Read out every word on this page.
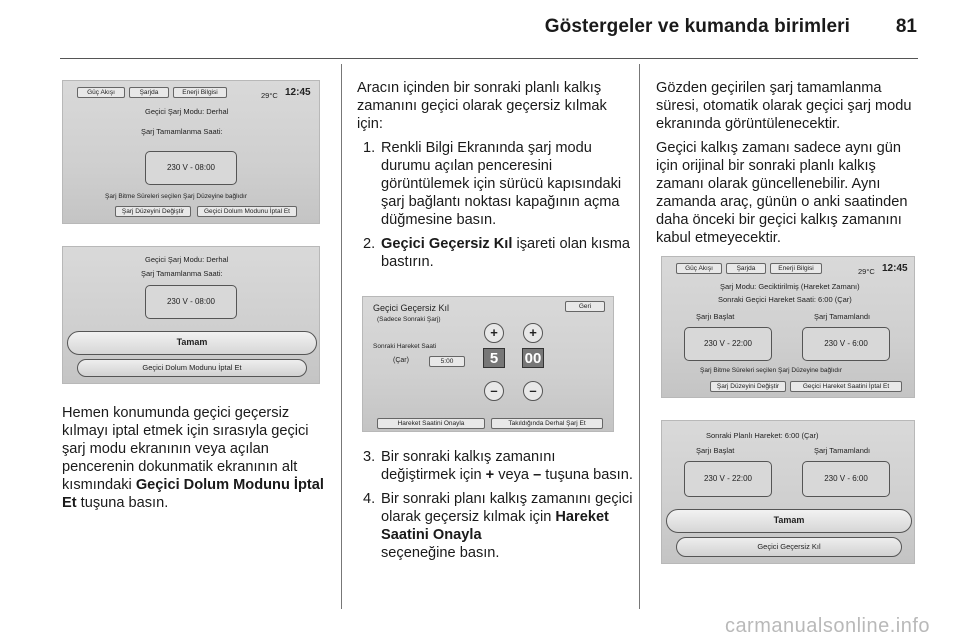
Göstergeler ve kumanda birimleri 81
Güç Akışı	Şarjda	Enerji Bilgisi	29°C 12:45
Geçici Şarj Modu: Derhal
Şarj Tamamlanma Saati:
230 V - 08:00
Şarj Bitme Süreleri seçilen Şarj Düzeyine bağlıdır
Şarj Düzeyini Değiştir	Geçici Dolum Modunu İptal Et
Geçici Şarj Modu: Derhal
Şarj Tamamlanma Saati:
230 V - 08:00
Tamam
Geçici Dolum Modunu İptal Et

Hemen konumunda geçici geçersiz kılmayı iptal etmek için sırasıyla geçici şarj modu ekranının veya açılan pencerenin dokunmatik ekranının alt kısmındaki Geçici Dolum Modunu İptal Et tuşuna basın.

Aracın içinden bir sonraki planlı kalkış zamanını geçici olarak geçersiz kılmak için:

1. Renkli Bilgi Ekranında şarj modu durumu açılan penceresini görüntülemek için sürücü kapısındaki şarj bağlantı noktası kapağının açma düğmesine basın.
2. Geçici Geçersiz Kıl işareti olan kısma bastırın.
Geçici Geçersiz Kıl
(Sadece Sonraki Şarj)
Geri
Sonraki Hareket Saati
(Çar)	5:00
+
5
–
+
00
–
Hareket Saatini Onayla	Takıldığında Derhal Şarj Et
3. Bir sonraki kalkış zamanını değiştirmek için + veya – tuşuna basın.
4. Bir sonraki planı kalkış zamanını geçici olarak geçersiz kılmak için Hareket Saatini Onayla
seçeneğine basın.

Gözden geçirilen şarj tamamlanma süresi, otomatik olarak geçici şarj modu ekranında görüntülenecektir.

Geçici kalkış zamanı sadece aynı gün için orijinal bir sonraki planlı kalkış zamanı olarak güncellenebilir. Aynı zamanda araç, günün o anki saatinden daha önceki bir geçici kalkış zamanını kabul etmeyecektir.

Güç Akışı	Şarjda	Enerji Bilgisi	29°C 12:45
Şarj Modu: Geciktirilmiş (Hareket Zamanı)
Sonraki Geçici Hareket Saati: 6:00 (Çar)
Şarjı Başlat	Şarj Tamamlandı
230 V - 22:00	230 V - 6:00
Şarj Bitme Süreleri seçilen Şarj Düzeyine bağlıdır
Şarj Düzeyini Değiştir	Geçici Hareket Saatini İptal Et
Sonraki Planlı Hareket: 6:00 (Çar)
Şarjı Başlat	Şarj Tamamlandı
230 V - 22:00	230 V - 6:00
Tamam
Geçici Geçersiz Kıl
carmanualsonline.info
